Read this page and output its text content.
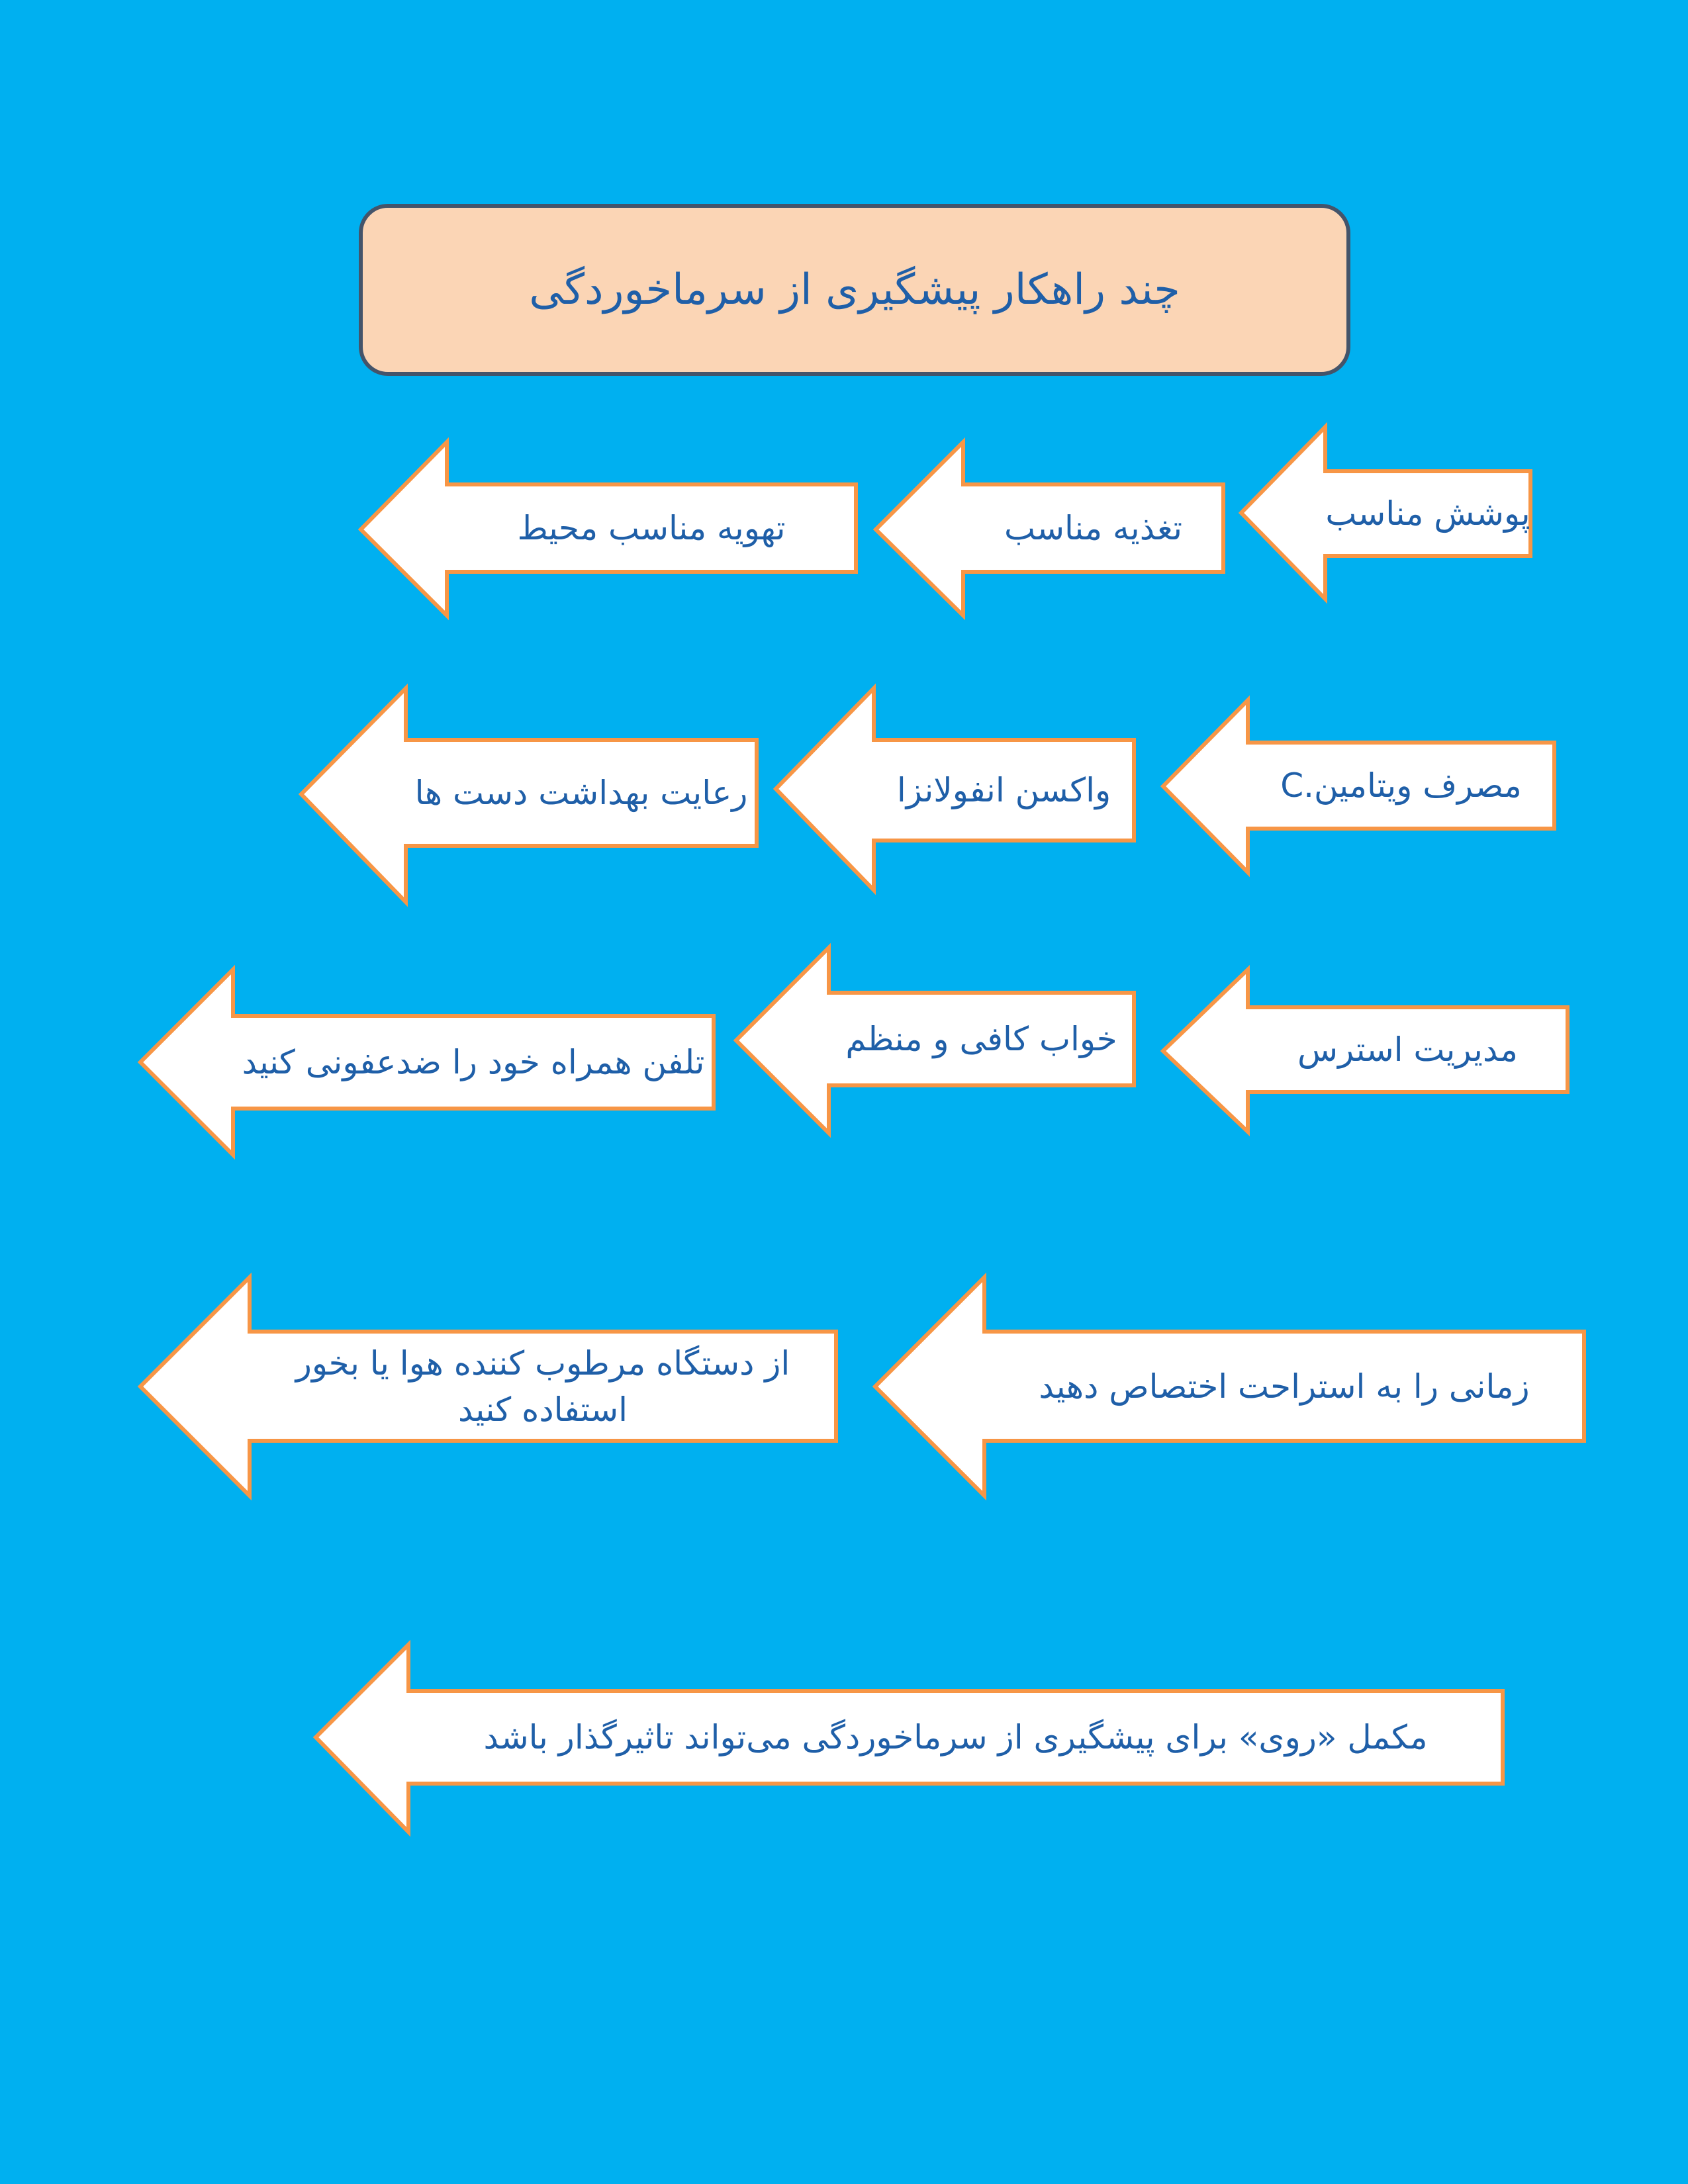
چند راهکار پیشگیری از سرماخوردگی
پوشش مناسب
تغذیه مناسب
تهویه مناسب محیط
مصرف ویتامین.C
واکسن انفولانزا
رعایت بهداشت دست ها
مدیریت استرس
خواب کافی و منظم
تلفن همراه خود را ضدعفونی کنید
زمانی را به استراحت اختصاص دهید
از دستگاه مرطوب کننده هوا یا بخور استفاده کنید
مکمل «روی» برای پیشگیری از سرماخوردگی می‌تواند تاثیرگذار باشد
